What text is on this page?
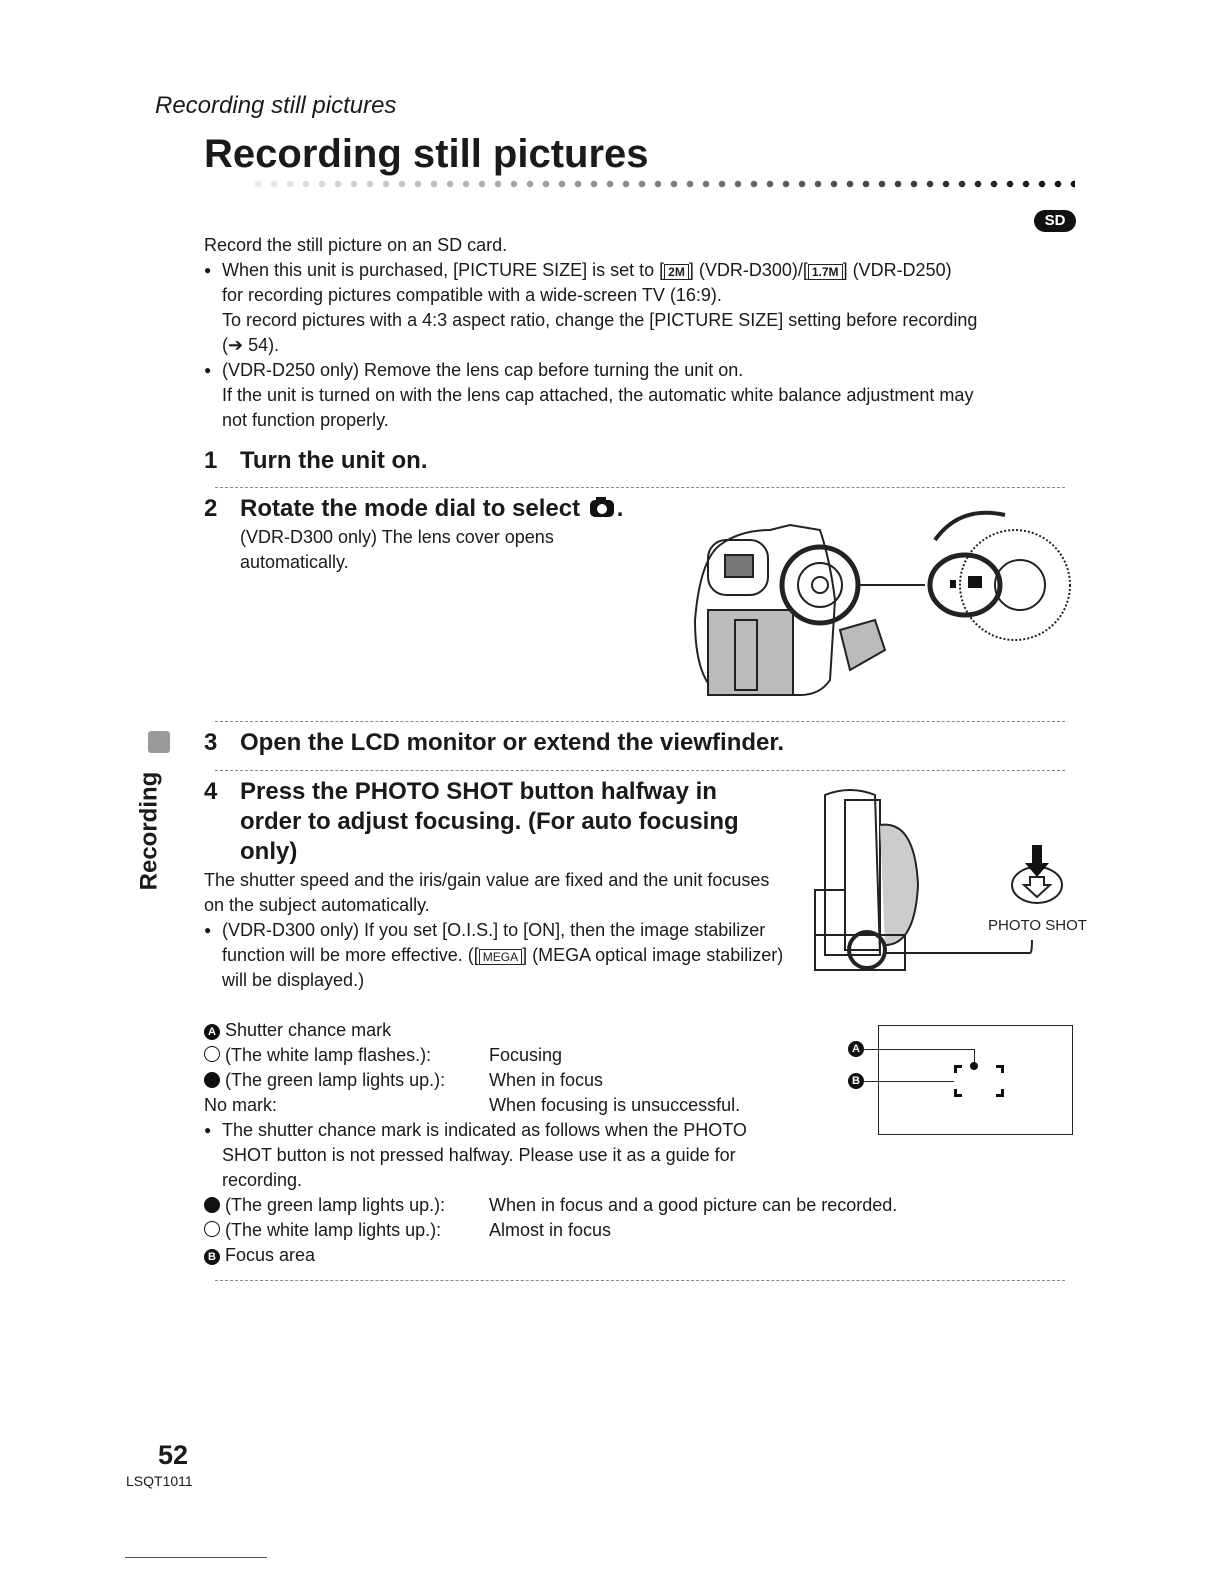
Recording still pictures
Recording still pictures
SD
Record the still picture on an SD card.
● When this unit is purchased, [PICTURE SIZE] is set to [ 2M ] (VDR-D300)/[ 1.7M ] (VDR-D250)
for recording pictures compatible with a wide-screen TV (16:9).
To record pictures with a 4:3 aspect ratio, change the [PICTURE SIZE] setting before recording
(➔ 54).
● (VDR-D250 only) Remove the lens cap before turning the unit on.
If the unit is turned on with the lens cap attached, the automatic white balance adjustment may
not function properly.
1 Turn the unit on.
2 Rotate the mode dial to select .
(VDR-D300 only) The lens cover opens automatically.
3 Open the LCD monitor or extend the viewfinder.
4 Press the PHOTO SHOT button halfway in order to adjust focusing. (For auto focusing only)
The shutter speed and the iris/gain value are fixed and the unit focuses on the subject automatically.
● (VDR-D300 only) If you set [O.I.S.] to [ON], then the image stabilizer function will be more effective. ([ MEGA ] (MEGA optical image stabilizer) will be displayed.)
PHOTO SHOT
A
B
A Shutter chance mark
(The white lamp flashes.):	Focusing
(The green lamp lights up.):	When in focus
No mark:	When focusing is unsuccessful.
● The shutter chance mark is indicated as follows when the PHOTO SHOT button is not pressed halfway. Please use it as a guide for recording.
(The green lamp lights up.):	When in focus and a good picture can be recorded.
(The white lamp lights up.):	Almost in focus
B Focus area
Recording
52
LSQT1011
